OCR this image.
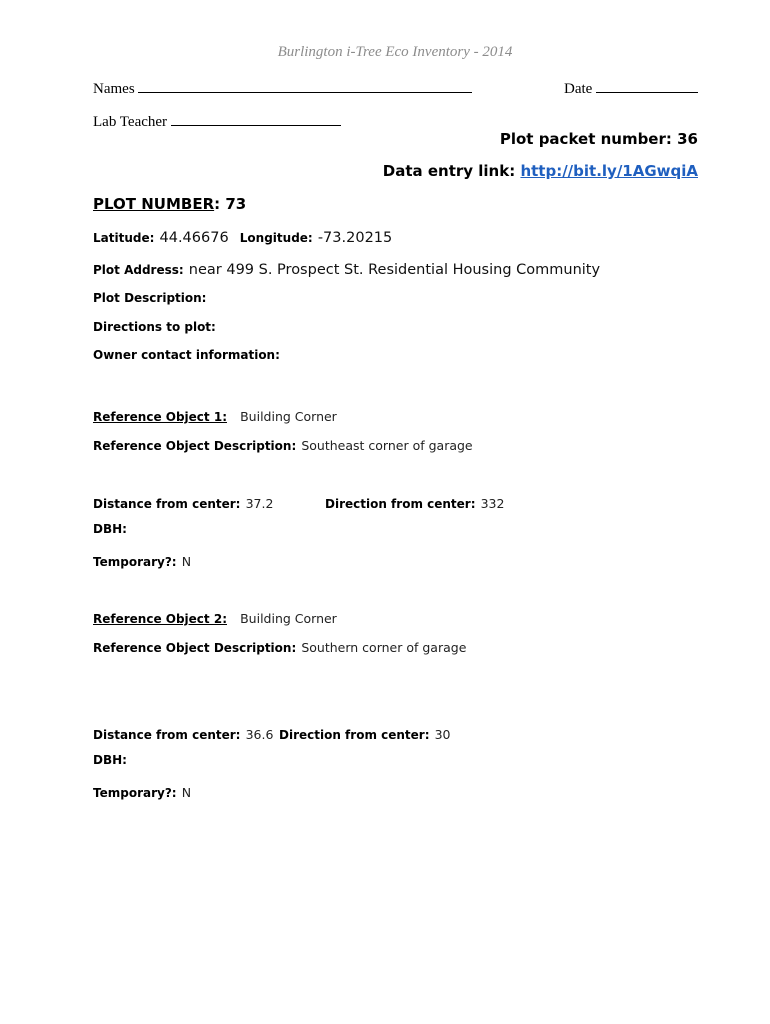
Burlington i-Tree Eco Inventory - 2014
Names	Date
Lab Teacher
Plot packet number: 36
Data entry link: http://bit.ly/1AGwqiA
PLOT NUMBER: 73
Latitude: 44.46676 Longitude: -73.20215
Plot Address: near 499 S. Prospect St. Residential Housing Community
Plot Description:
Directions to plot:
Owner contact information:
Reference Object 1: Building Corner
Reference Object Description: Southeast corner of garage
Distance from center: 37.2	Direction from center: 332
DBH:
Temporary?: N
Reference Object 2: Building Corner
Reference Object Description: Southern corner of garage
Distance from center: 36.6 Direction from center: 30
DBH:
Temporary?: N
